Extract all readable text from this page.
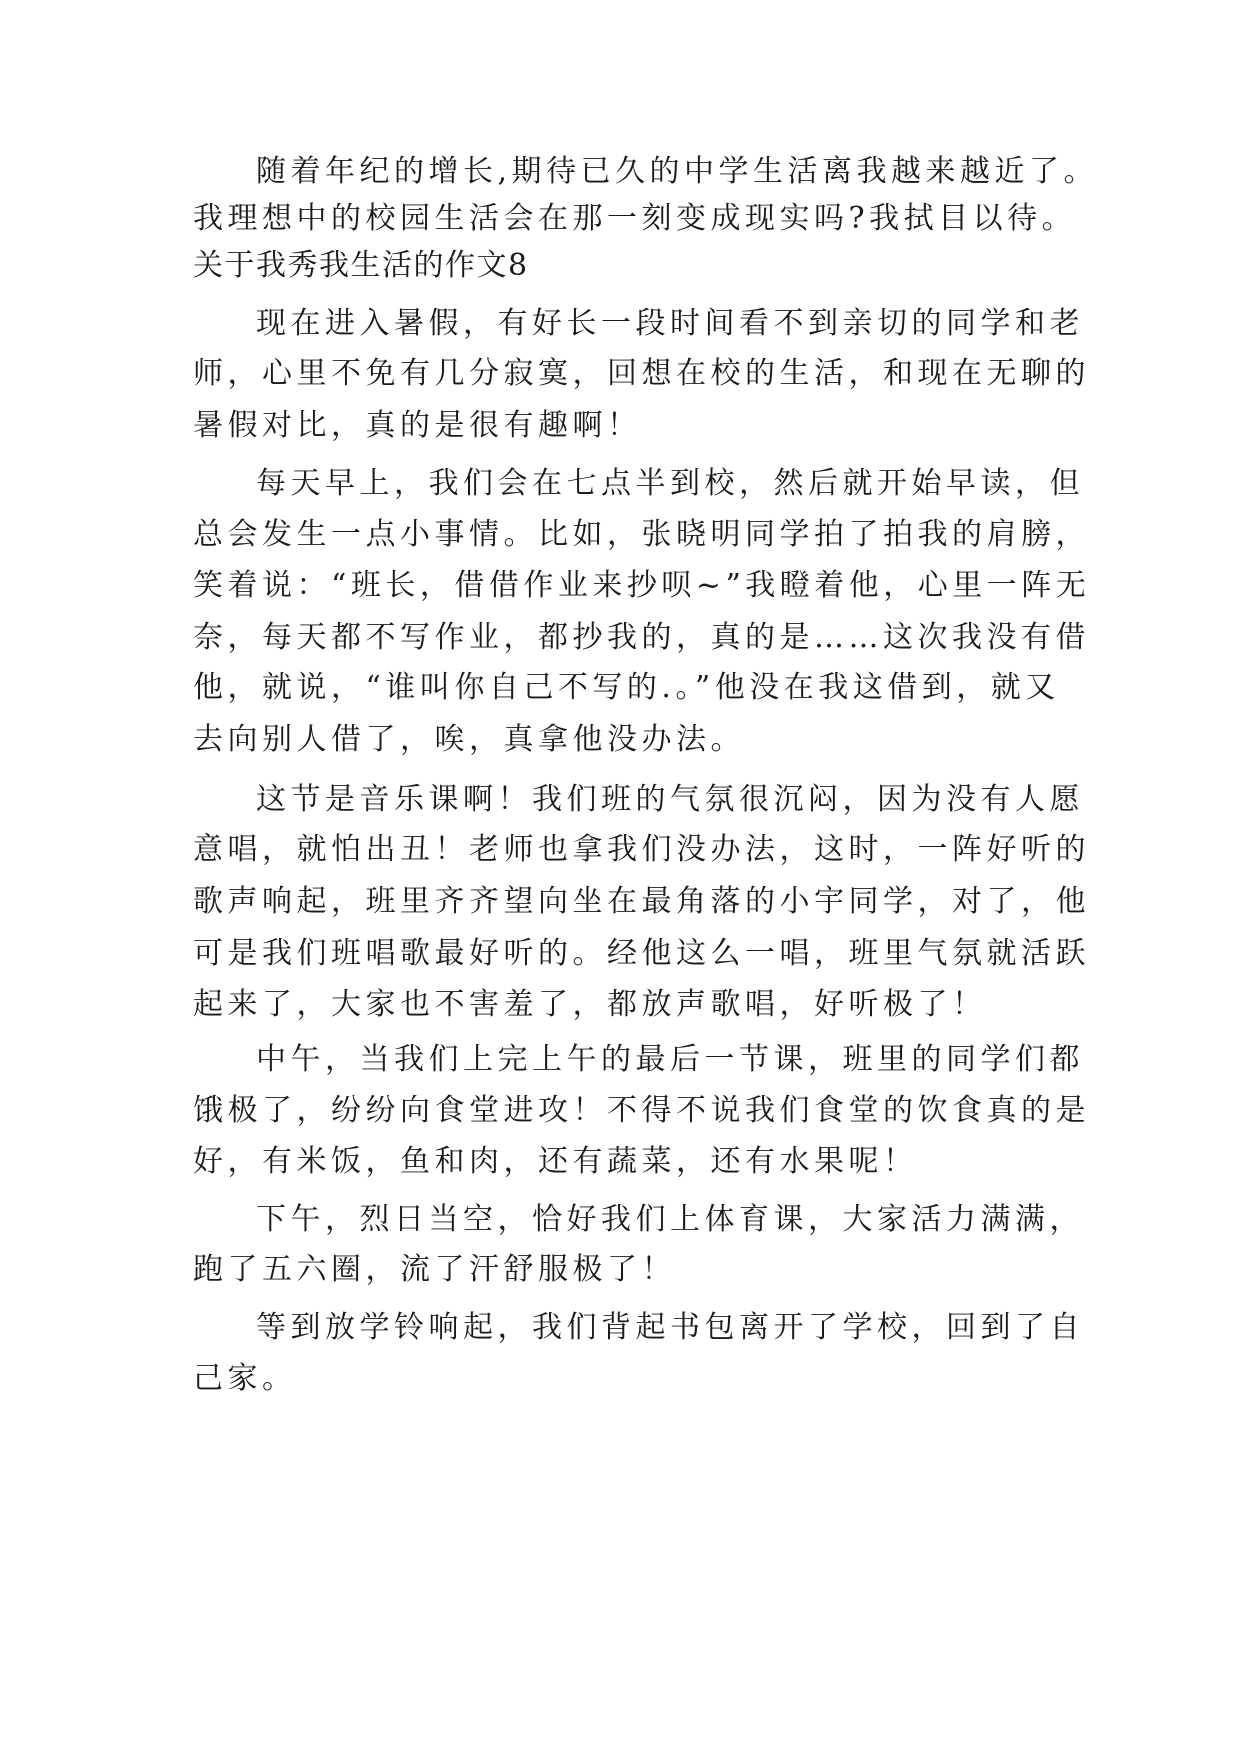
随着年纪的增长,期待已久的中学生活离我越来越近了。
我理想中的校园生活会在那一刻变成现实吗?我拭目以待。
关于我秀我生活的作文8
现在进入暑假，有好长一段时间看不到亲切的同学和老
师，心里不免有几分寂寞，回想在校的生活，和现在无聊的
暑假对比，真的是很有趣啊！
每天早上，我们会在七点半到校，然后就开始早读，但
总会发生一点小事情。比如，张晓明同学拍了拍我的肩膀，
笑着说：“班长，借借作业来抄呗~”我瞪着他，心里一阵无
奈，每天都不写作业，都抄我的，真的是……这次我没有借
他，就说，“谁叫你自己不写的.。”他没在我这借到，就又
去向别人借了，唉，真拿他没办法。
这节是音乐课啊！我们班的气氛很沉闷，因为没有人愿
意唱，就怕出丑！老师也拿我们没办法，这时，一阵好听的
歌声响起，班里齐齐望向坐在最角落的小宇同学，对了，他
可是我们班唱歌最好听的。经他这么一唱，班里气氛就活跃
起来了，大家也不害羞了，都放声歌唱，好听极了！
中午，当我们上完上午的最后一节课，班里的同学们都
饿极了，纷纷向食堂进攻！不得不说我们食堂的饮食真的是
好，有米饭，鱼和肉，还有蔬菜，还有水果呢！
下午，烈日当空，恰好我们上体育课，大家活力满满，
跑了五六圈，流了汗舒服极了！
等到放学铃响起，我们背起书包离开了学校，回到了自
己家。
